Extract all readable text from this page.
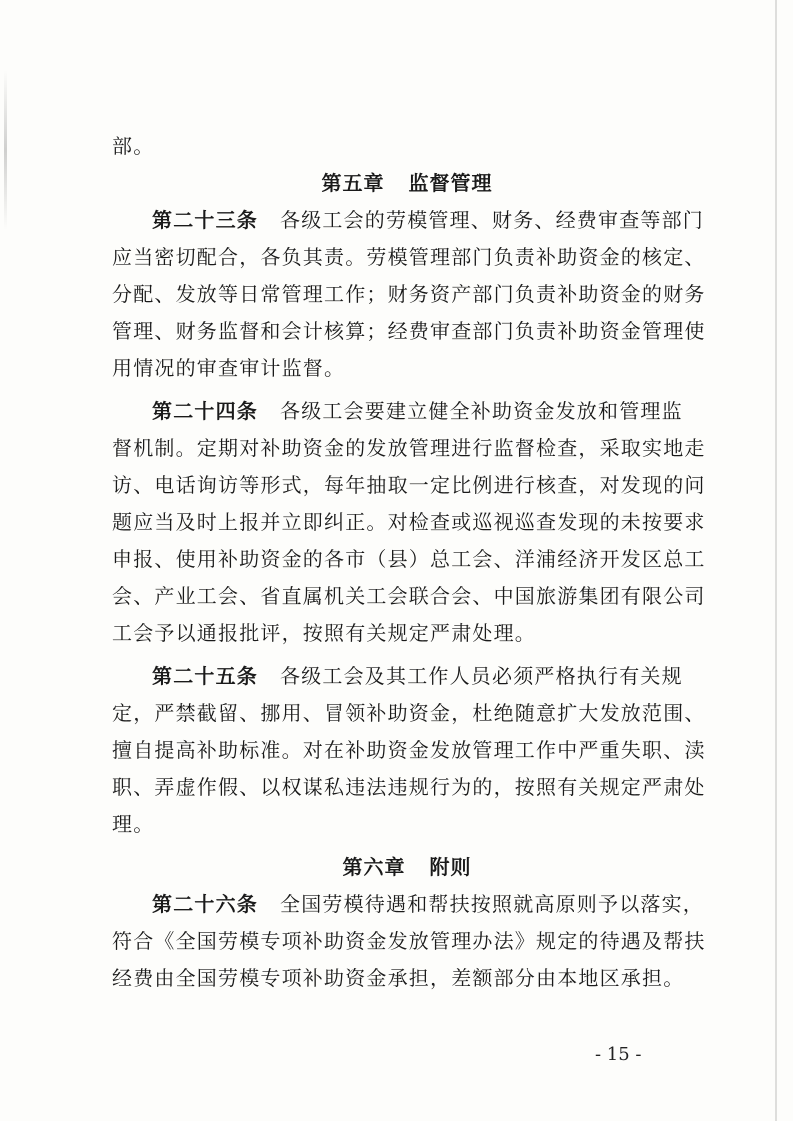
部。
第五章 监督管理
第二十三条 各级工会的劳模管理、财务、经费审查等部门
应当密切配合，各负其责。劳模管理部门负责补助资金的核定、
分配、发放等日常管理工作；财务资产部门负责补助资金的财务
管理、财务监督和会计核算；经费审查部门负责补助资金管理使
用情况的审查审计监督。
第二十四条 各级工会要建立健全补助资金发放和管理监
督机制。定期对补助资金的发放管理进行监督检查，采取实地走
访、电话询访等形式，每年抽取一定比例进行核查，对发现的问
题应当及时上报并立即纠正。对检查或巡视巡查发现的未按要求
申报、使用补助资金的各市（县）总工会、洋浦经济开发区总工
会、产业工会、省直属机关工会联合会、中国旅游集团有限公司
工会予以通报批评，按照有关规定严肃处理。
第二十五条 各级工会及其工作人员必须严格执行有关规
定，严禁截留、挪用、冒领补助资金，杜绝随意扩大发放范围、
擅自提高补助标准。对在补助资金发放管理工作中严重失职、渎
职、弄虚作假、以权谋私违法违规行为的，按照有关规定严肃处
理。
第六章 附则
第二十六条 全国劳模待遇和帮扶按照就高原则予以落实，
符合《全国劳模专项补助资金发放管理办法》规定的待遇及帮扶
经费由全国劳模专项补助资金承担，差额部分由本地区承担。
- 15 -
